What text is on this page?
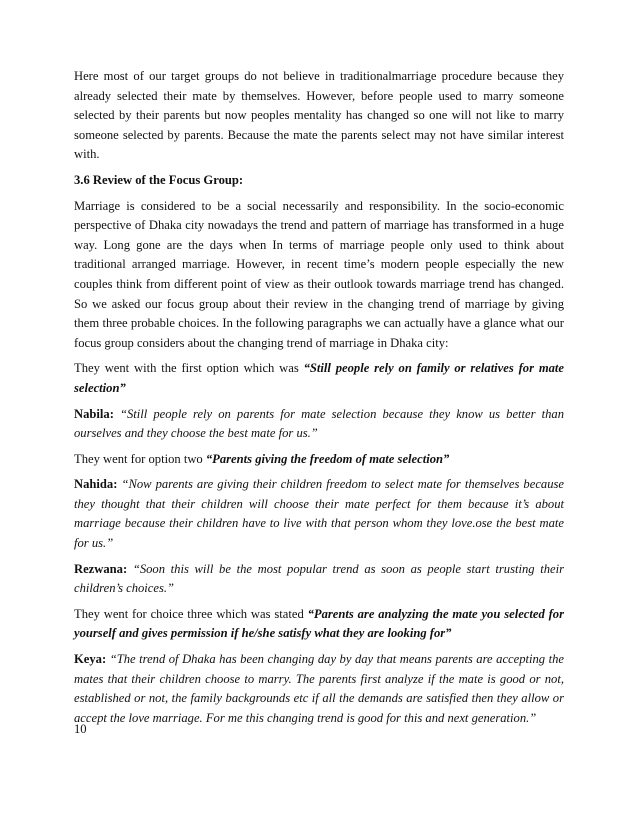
Here most of our target groups do not believe in traditionalmarriage procedure because they already selected their mate by themselves. However, before people used to marry someone selected by their parents but now peoples mentality has changed so one will not like to marry someone selected by parents. Because the mate the parents select may not have similar interest with.

3.6 Review of the Focus Group:

Marriage is considered to be a social necessarily and responsibility. In the socio-economic perspective of Dhaka city nowadays the trend and pattern of marriage has transformed in a huge way. Long gone are the days when In terms of marriage people only used to think about traditional arranged marriage. However, in recent time’s modern people especially the new couples think from different point of view as their outlook towards marriage trend has changed. So we asked our focus group about their review in the changing trend of marriage by giving them three probable choices. In the following paragraphs we can actually have a glance what our focus group considers about the changing trend of marriage in Dhaka city:

They went with the first option which was “Still people rely on family or relatives for mate selection”

Nabila: “Still people rely on parents for mate selection because they know us better than ourselves and they choose the best mate for us.”

They went for option two “Parents giving the freedom of mate selection”

Nahida: “Now parents are giving their children freedom to select mate for themselves because they thought that their children will choose their mate perfect for them because it’s about marriage because their children have to live with that person whom they love.ose the best mate for us.”

Rezwana: “Soon this will be the most popular trend as soon as people start trusting their children’s choices.”

They went for choice three which was stated “Parents are analyzing the mate you selected for yourself and gives permission if he/she satisfy what they are looking for”

Keya: “The trend of Dhaka has been changing day by day that means parents are accepting the mates that their children choose to marry. The parents first analyze if the mate is good or not, established or not, the family backgrounds etc if all the demands are satisfied then they allow or accept the love marriage. For me this changing trend is good for this and next generation.”

10
